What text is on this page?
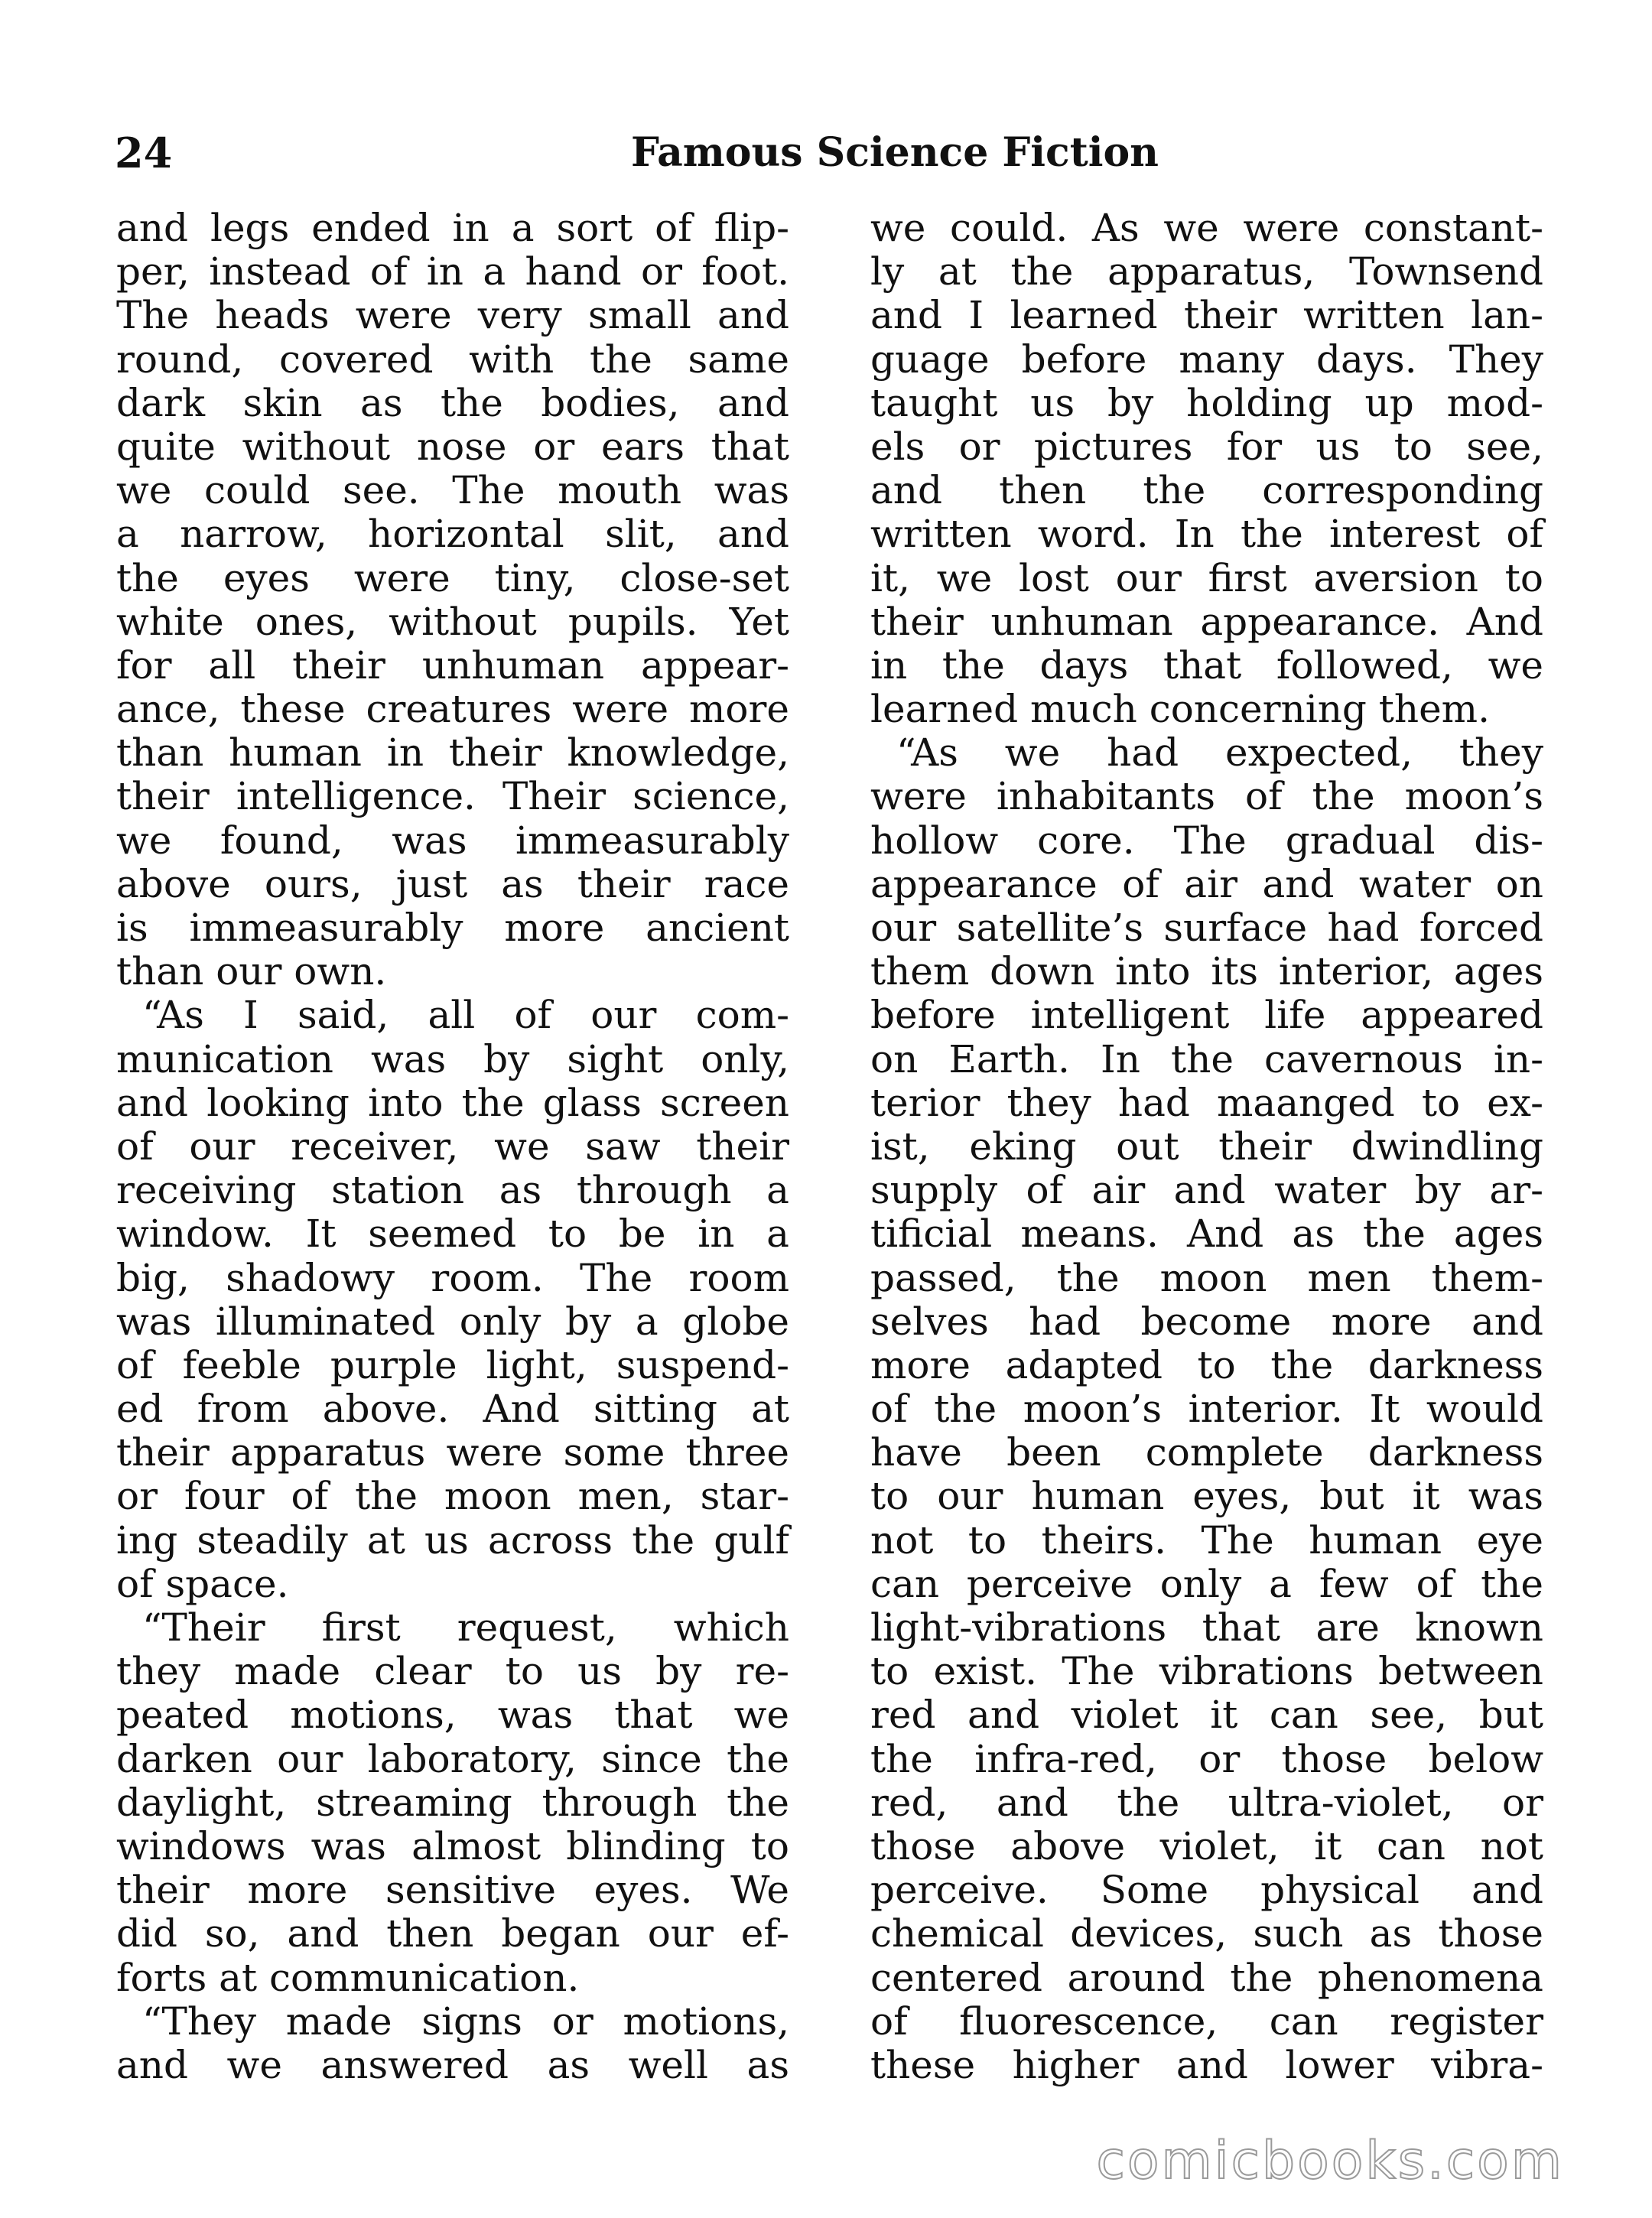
24	Famous Science Fiction
and legs ended in a sort of flip-
per, instead of in a hand or foot.
The heads were very small and
round, covered with the same
dark skin as the bodies, and
quite without nose or ears that
we could see. The mouth was
a narrow, horizontal slit, and
the eyes were tiny, close-set
white ones, without pupils. Yet
for all their unhuman appear-
ance, these creatures were more
than human in their knowledge,
their intelligence. Their science,
we found, was immeasurably
above ours, just as their race
is immeasurably more ancient
than our own.
“As I said, all of our com-
munication was by sight only,
and looking into the glass screen
of our receiver, we saw their
receiving station as through a
window. It seemed to be in a
big, shadowy room. The room
was illuminated only by a globe
of feeble purple light, suspend-
ed from above. And sitting at
their apparatus were some three
or four of the moon men, star-
ing steadily at us across the gulf
of space.
“Their first request, which
they made clear to us by re-
peated motions, was that we
darken our laboratory, since the
daylight, streaming through the
windows was almost blinding to
their more sensitive eyes. We
did so, and then began our ef-
forts at communication.
“They made signs or motions,
and we answered as well as
we could. As we were constant-
ly at the apparatus, Townsend
and I learned their written lan-
guage before many days. They
taught us by holding up mod-
els or pictures for us to see,
and then the corresponding
written word. In the interest of
it, we lost our first aversion to
their unhuman appearance. And
in the days that followed, we
learned much concerning them.
“As we had expected, they
were inhabitants of the moon’s
hollow core. The gradual dis-
appearance of air and water on
our satellite’s surface had forced
them down into its interior, ages
before intelligent life appeared
on Earth. In the cavernous in-
terior they had maanged to ex-
ist, eking out their dwindling
supply of air and water by ar-
tificial means. And as the ages
passed, the moon men them-
selves had become more and
more adapted to the darkness
of the moon’s interior. It would
have been complete darkness
to our human eyes, but it was
not to theirs. The human eye
can perceive only a few of the
light-vibrations that are known
to exist. The vibrations between
red and violet it can see, but
the infra-red, or those below
red, and the ultra-violet, or
those above violet, it can not
perceive. Some physical and
chemical devices, such as those
centered around the phenomena
of fluorescence, can register
these higher and lower vibra-
comicbooks.com
